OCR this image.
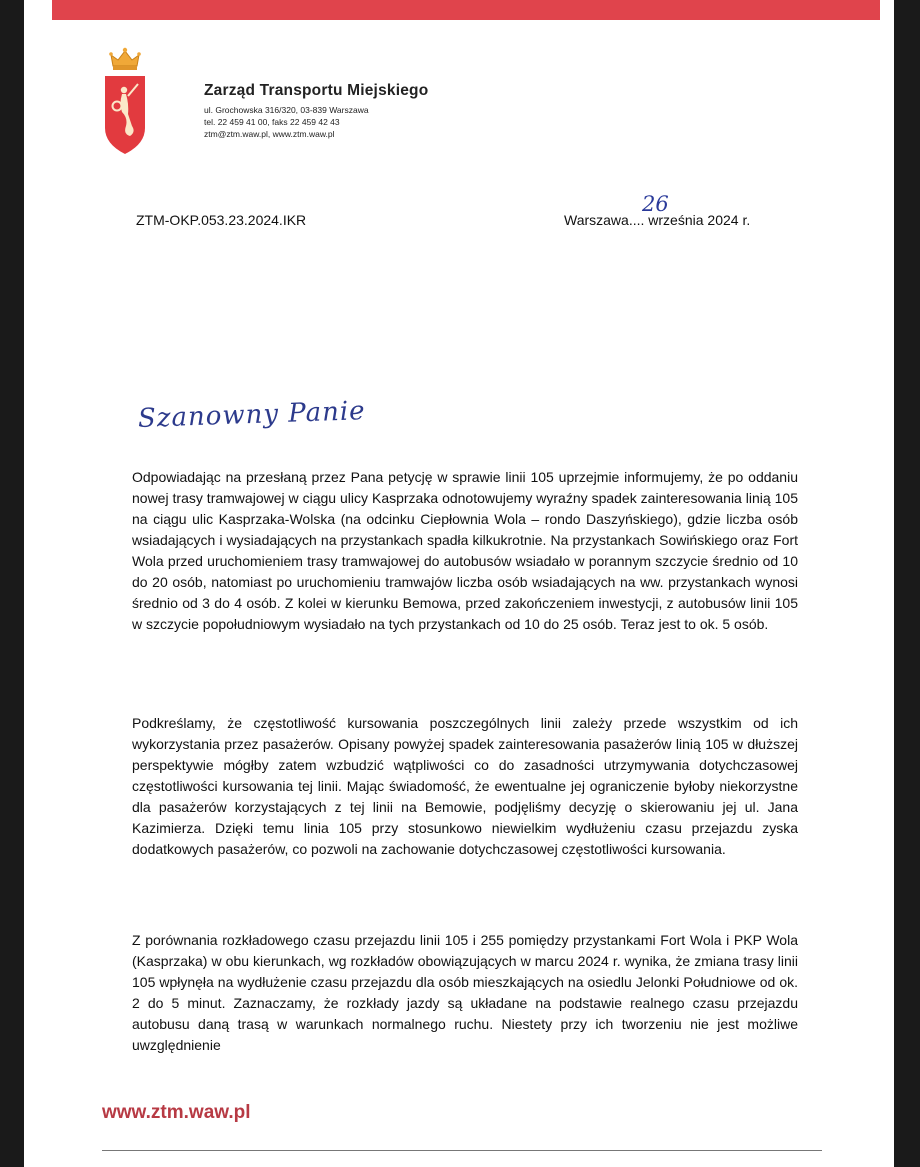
Zarząd Transportu Miejskiego
ul. Grochowska 316/320, 03-839 Warszawa
tel. 22 459 41 00, faks 22 459 42 43
ztm@ztm.waw.pl, www.ztm.waw.pl
ZTM-OKP.053.23.2024.IKR	Warszawa.... września 2024 r.
26
Szanowny Panie

Odpowiadając na przesłaną przez Pana petycję w sprawie linii 105 uprzejmie informujemy, że po oddaniu nowej trasy tramwajowej w ciągu ulicy Kasprzaka odnotowujemy wyraźny spadek zainteresowania linią 105 na ciągu ulic Kasprzaka-Wolska (na odcinku Ciepłownia Wola – rondo Daszyńskiego), gdzie liczba osób wsiadających i wysiadających na przystankach spadła kilkukrotnie. Na przystankach Sowińskiego oraz Fort Wola przed uruchomieniem trasy tramwajowej do autobusów wsiadało w porannym szczycie średnio od 10 do 20 osób, natomiast po uruchomieniu tramwajów liczba osób wsiadających na ww. przystankach wynosi średnio od 3 do 4 osób. Z kolei w kierunku Bemowa, przed zakończeniem inwestycji, z autobusów linii 105 w szczycie popołudniowym wysiadało na tych przystankach od 10 do 25 osób. Teraz jest to ok. 5 osób.

Podkreślamy, że częstotliwość kursowania poszczególnych linii zależy przede wszystkim od ich wykorzystania przez pasażerów. Opisany powyżej spadek zainteresowania pasażerów linią 105 w dłuższej perspektywie mógłby zatem wzbudzić wątpliwości co do zasadności utrzymywania dotychczasowej częstotliwości kursowania tej linii. Mając świadomość, że ewentualne jej ograniczenie byłoby niekorzystne dla pasażerów korzystających z tej linii na Bemowie, podjęliśmy decyzję o skierowaniu jej ul. Jana Kazimierza. Dzięki temu linia 105 przy stosunkowo niewielkim wydłużeniu czasu przejazdu zyska dodatkowych pasażerów, co pozwoli na zachowanie dotychczasowej częstotliwości kursowania.

Z porównania rozkładowego czasu przejazdu linii 105 i 255 pomiędzy przystankami Fort Wola i PKP Wola (Kasprzaka) w obu kierunkach, wg rozkładów obowiązujących w marcu 2024 r. wynika, że zmiana trasy linii 105 wpłynęła na wydłużenie czasu przejazdu dla osób mieszkających na osiedlu Jelonki Południowe od ok. 2 do 5 minut. Zaznaczamy, że rozkłady jazdy są układane na podstawie realnego czasu przejazdu autobusu daną trasą w warunkach normalnego ruchu. Niestety przy ich tworzeniu nie jest możliwe uwzględnienie

www.ztm.waw.pl
